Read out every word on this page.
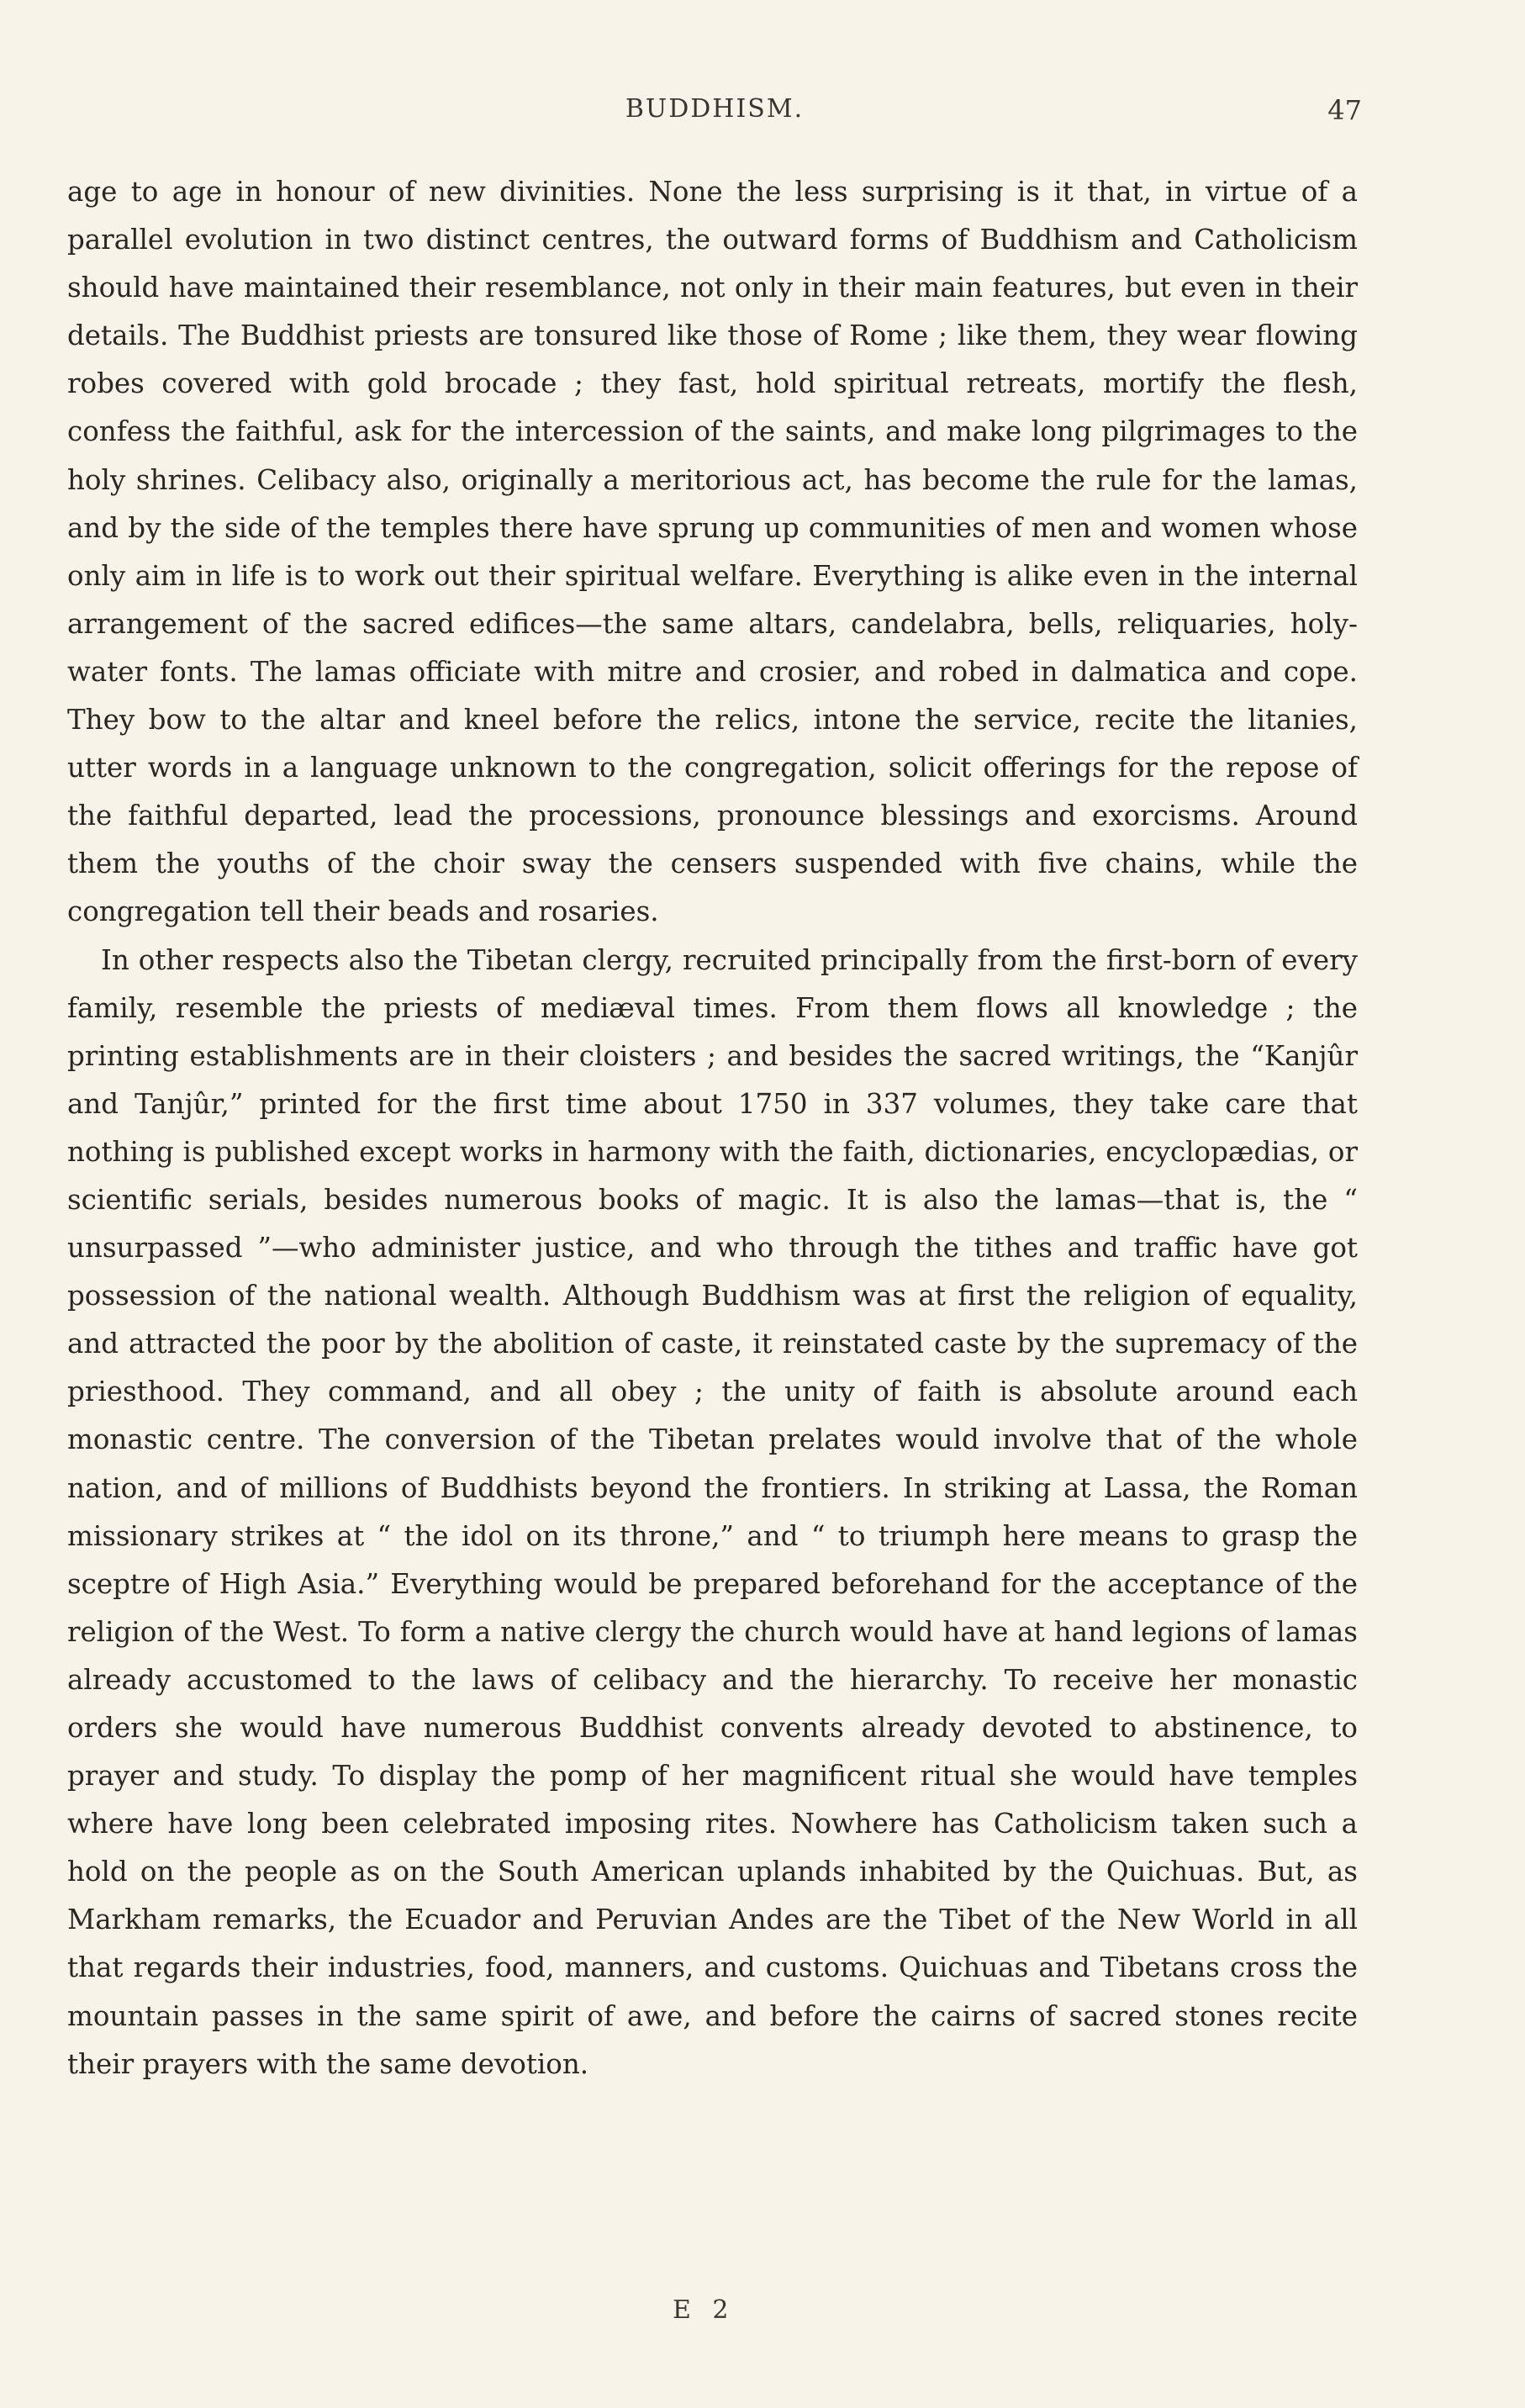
BUDDHISM.	47

age to age in honour of new divinities. None the less surprising is it that, in virtue of a parallel evolution in two distinct centres, the outward forms of Buddhism and Catholicism should have maintained their resemblance, not only in their main features, but even in their details. The Buddhist priests are tonsured like those of Rome ; like them, they wear flowing robes covered with gold brocade ; they fast, hold spiritual retreats, mortify the flesh, confess the faithful, ask for the intercession of the saints, and make long pilgrimages to the holy shrines. Celibacy also, originally a meritorious act, has become the rule for the lamas, and by the side of the temples there have sprung up communities of men and women whose only aim in life is to work out their spiritual welfare. Everything is alike even in the internal arrangement of the sacred edifices—the same altars, candelabra, bells, reliquaries, holy-water fonts. The lamas officiate with mitre and crosier, and robed in dalmatica and cope. They bow to the altar and kneel before the relics, intone the service, recite the litanies, utter words in a language unknown to the congregation, solicit offerings for the repose of the faithful departed, lead the processions, pronounce blessings and exorcisms. Around them the youths of the choir sway the censers suspended with five chains, while the congregation tell their beads and rosaries.

In other respects also the Tibetan clergy, recruited principally from the first-born of every family, resemble the priests of mediæval times. From them flows all knowledge ; the printing establishments are in their cloisters ; and besides the sacred writings, the “Kanjûr and Tanjûr,” printed for the first time about 1750 in 337 volumes, they take care that nothing is published except works in harmony with the faith, dictionaries, encyclopædias, or scientific serials, besides numerous books of magic. It is also the lamas—that is, the “ unsurpassed ”—who administer justice, and who through the tithes and traffic have got possession of the national wealth. Although Buddhism was at first the religion of equality, and attracted the poor by the abolition of caste, it reinstated caste by the supremacy of the priesthood. They command, and all obey ; the unity of faith is absolute around each monastic centre. The conversion of the Tibetan prelates would involve that of the whole nation, and of millions of Buddhists beyond the frontiers. In striking at Lassa, the Roman missionary strikes at “ the idol on its throne,” and “ to triumph here means to grasp the sceptre of High Asia.” Everything would be prepared beforehand for the acceptance of the religion of the West. To form a native clergy the church would have at hand legions of lamas already accustomed to the laws of celibacy and the hierarchy. To receive her monastic orders she would have numerous Buddhist convents already devoted to abstinence, to prayer and study. To display the pomp of her magnificent ritual she would have temples where have long been celebrated imposing rites. Nowhere has Catholicism taken such a hold on the people as on the South American uplands inhabited by the Quichuas. But, as Markham remarks, the Ecuador and Peruvian Andes are the Tibet of the New World in all that regards their industries, food, manners, and customs. Quichuas and Tibetans cross the mountain passes in the same spirit of awe, and before the cairns of sacred stones recite their prayers with the same devotion.

E 2
